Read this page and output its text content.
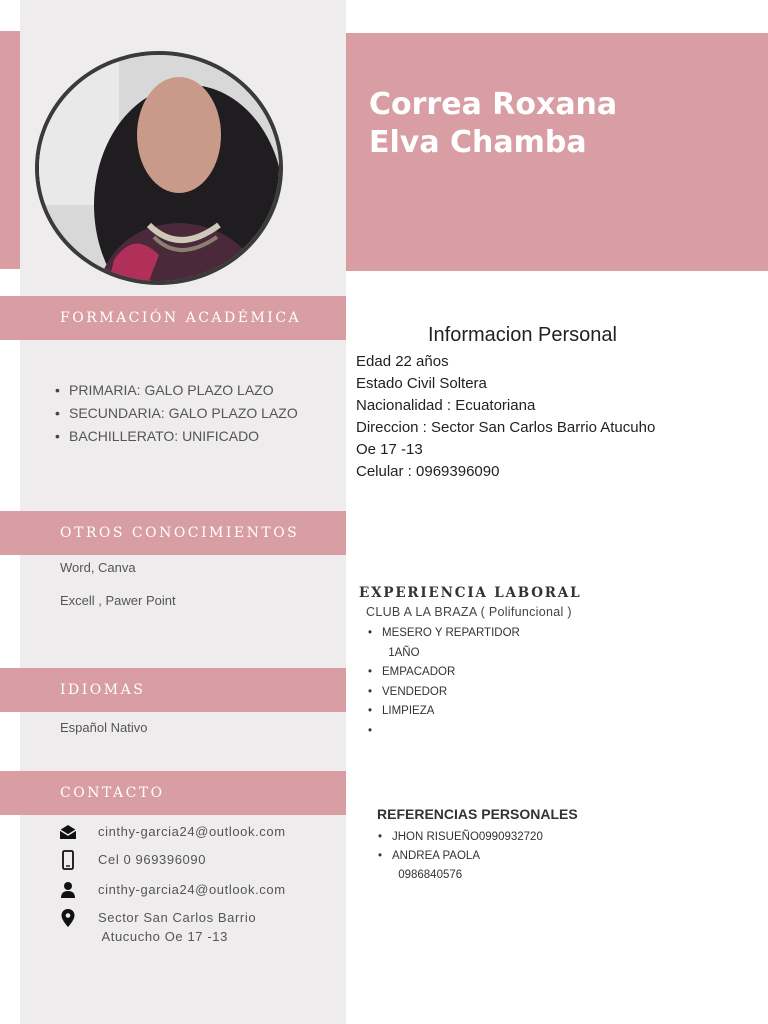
Correa Roxana
Elva Chamba
FORMACIÓN ACADÉMICA
• PRIMARIA: GALO PLAZO LAZO
• SECUNDARIA: GALO PLAZO LAZO
• BACHILLERATO: UNIFICADO
OTROS CONOCIMIENTOS
Word, Canva
Excell , Pawer Point
IDIOMAS
Español Nativo
CONTACTO
cinthy-garcia24@outlook.com
Cel 0 969396090
cinthy-garcia24@outlook.com
Sector San Carlos Barrio
Atucucho Oe 17 -13
Informacion Personal
Edad 22 años
Estado Civil Soltera
Nacionalidad : Ecuatoriana
Direccion : Sector San Carlos Barrio Atucuho
Oe 17 -13
Celular : 0969396090
EXPERIENCIA LABORAL
CLUB A LA BRAZA ( Polifuncional )
• MESERO Y REPARTIDOR
1AÑO
• EMPACADOR
• VENDEDOR
• LIMPIEZA
REFERENCIAS PERSONALES
• JHON RISUEÑO0990932720
• ANDREA PAOLA
0986840576
